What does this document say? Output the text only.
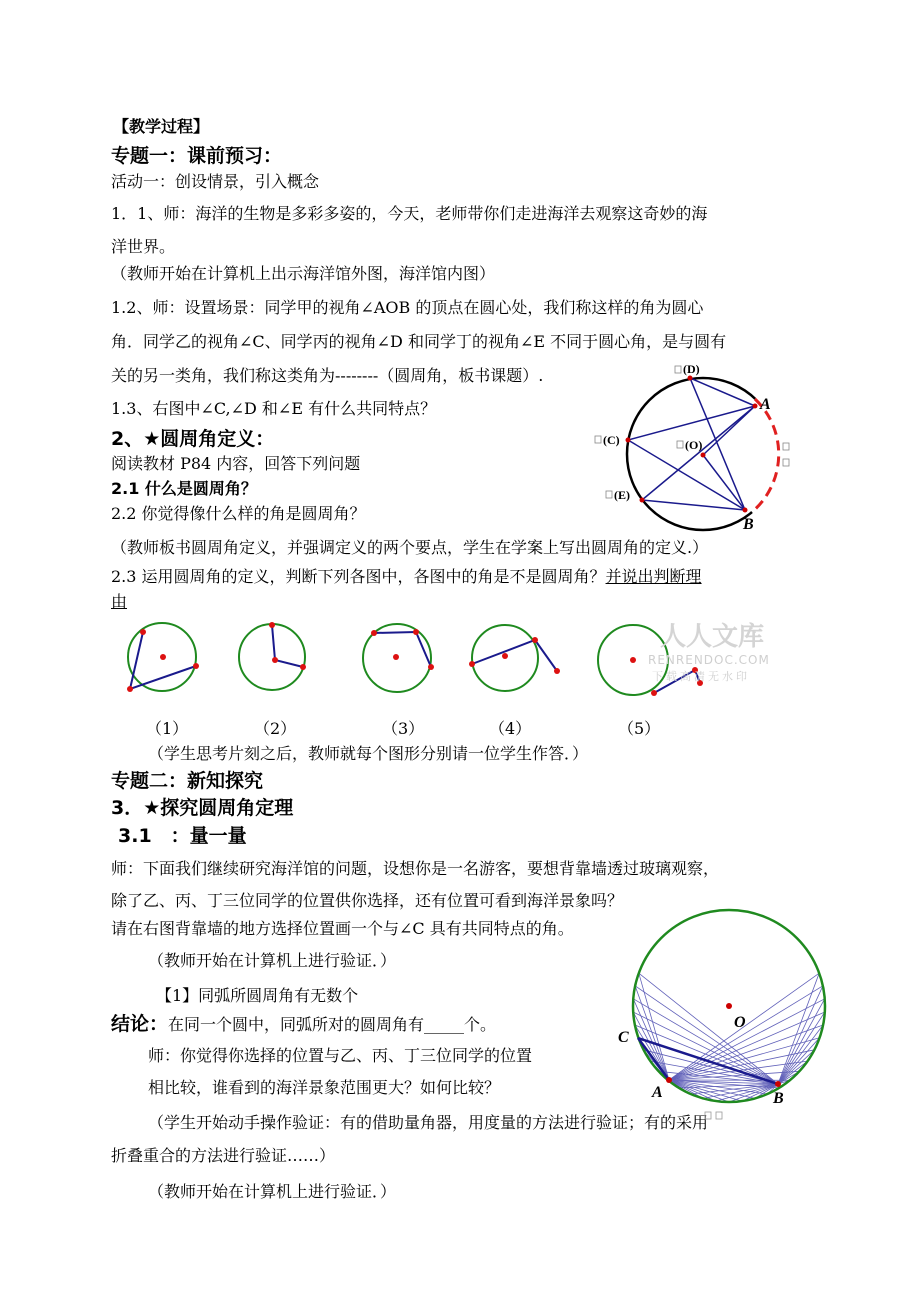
【教学过程】
专题一：课前预习：
活动一：创设情景，引入概念
1．1、师：海洋的生物是多彩多姿的，今天，老师带你们走进海洋去观察这奇妙的海
洋世界。
（教师开始在计算机上出示海洋馆外图，海洋馆内图）
1.2、师：设置场景：同学甲的视角∠AOB 的顶点在圆心处，我们称这样的角为圆心
角．同学乙的视角∠C、同学丙的视角∠D 和同学丁的视角∠E 不同于圆心角，是与圆有
关的另一类角，我们称这类角为--------（圆周角，板书课题）.
1.3、右图中∠C,∠D 和∠E 有什么共同特点？
2、★圆周角定义：
阅读教材 P84 内容，回答下列问题
2.1 什么是圆周角？
2.2 你觉得像什么样的角是圆周角？
（教师板书圆周角定义，并强调定义的两个要点，学生在学案上写出圆周角的定义.）
2.3 运用圆周角的定义，判断下列各图中，各图中的角是不是圆周角？并说出判断理
由
人人文库
RENRENDOC.COM
下载高清无水印
（1）	（2）	（3）	（4）	（5）
（学生思考片刻之后，教师就每个图形分别请一位学生作答．）
专题二：新知探究
3．★探究圆周角定理
3.1　：量一量
师：下面我们继续研究海洋馆的问题，设想你是一名游客，要想背靠墙透过玻璃观察，
除了乙、丙、丁三位同学的位置供你选择，还有位置可看到海洋景象吗？
请在右图背靠墙的地方选择位置画一个与∠C 具有共同特点的角。
（教师开始在计算机上进行验证．）
【1】同弧所圆周角有无数个
结论：在同一个圆中，同弧所对的圆周角有_____个。
师：你觉得你选择的位置与乙、丙、丁三位同学的位置
相比较，谁看到的海洋景象范围更大？如何比较？
（学生开始动手操作验证：有的借助量角器，用度量的方法进行验证；有的采用
折叠重合的方法进行验证……）
（教师开始在计算机上进行验证．）
(D)
(C)	(O)
(E)
A
B
C
O
A	B
